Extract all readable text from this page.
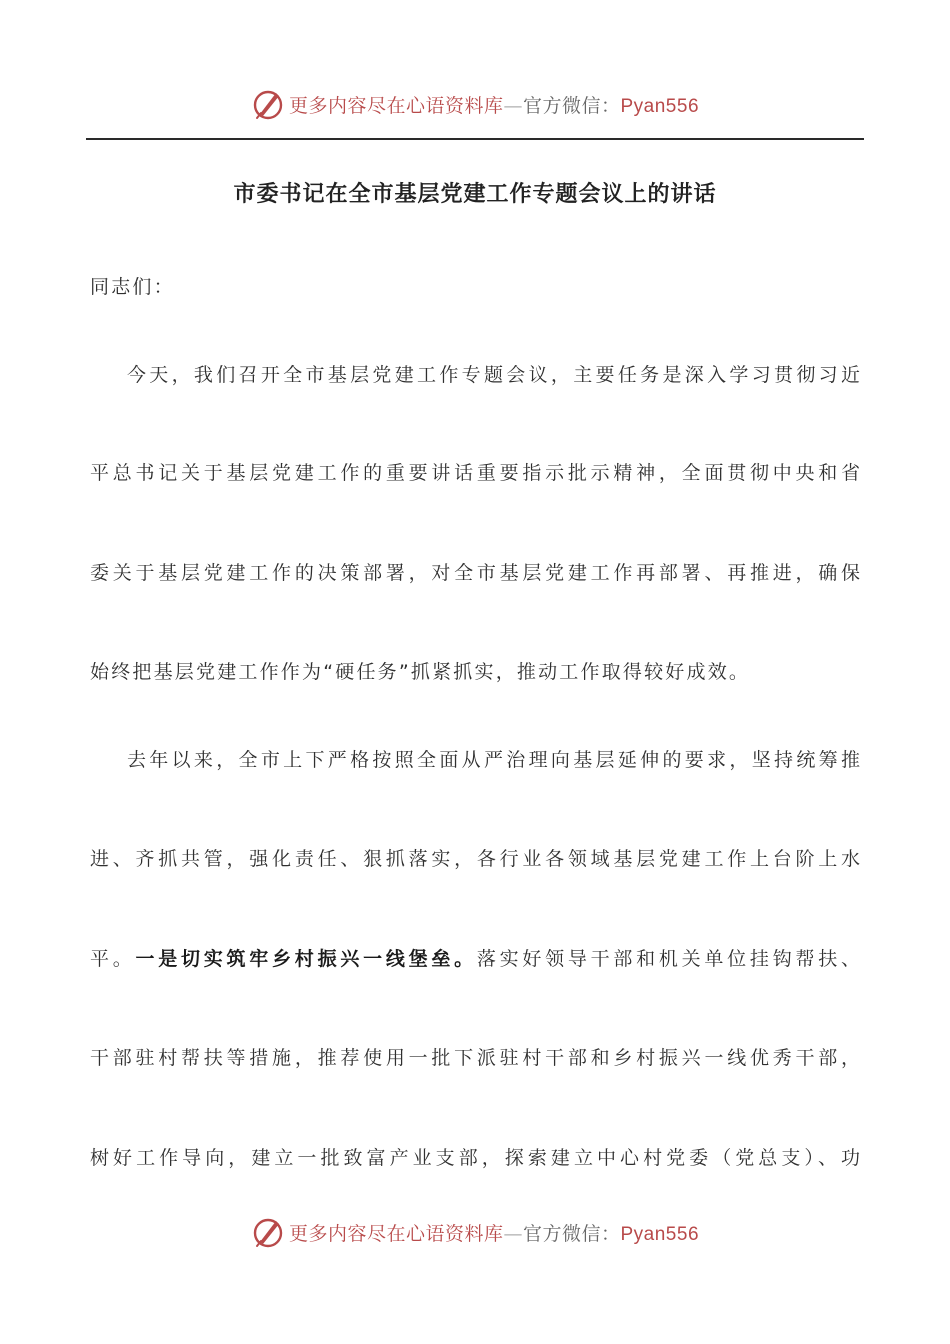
更多内容尽在心语资料库—官方微信：Pyan556
市委书记在全市基层党建工作专题会议上的讲话
同志们：
今天，我们召开全市基层党建工作专题会议，主要任务是深入学习贯彻习近
平总书记关于基层党建工作的重要讲话重要指示批示精神，全面贯彻中央和省
委关于基层党建工作的决策部署，对全市基层党建工作再部署、再推进，确保
始终把基层党建工作作为“硬任务”抓紧抓实，推动工作取得较好成效。
去年以来，全市上下严格按照全面从严治理向基层延伸的要求，坚持统筹推
进、齐抓共管，强化责任、狠抓落实，各行业各领域基层党建工作上台阶上水
平。一是切实筑牢乡村振兴一线堡垒。落实好领导干部和机关单位挂钩帮扶、
干部驻村帮扶等措施，推荐使用一批下派驻村干部和乡村振兴一线优秀干部，
树好工作导向，建立一批致富产业支部，探索建立中心村党委（党总支）、功
更多内容尽在心语资料库—官方微信：Pyan556
